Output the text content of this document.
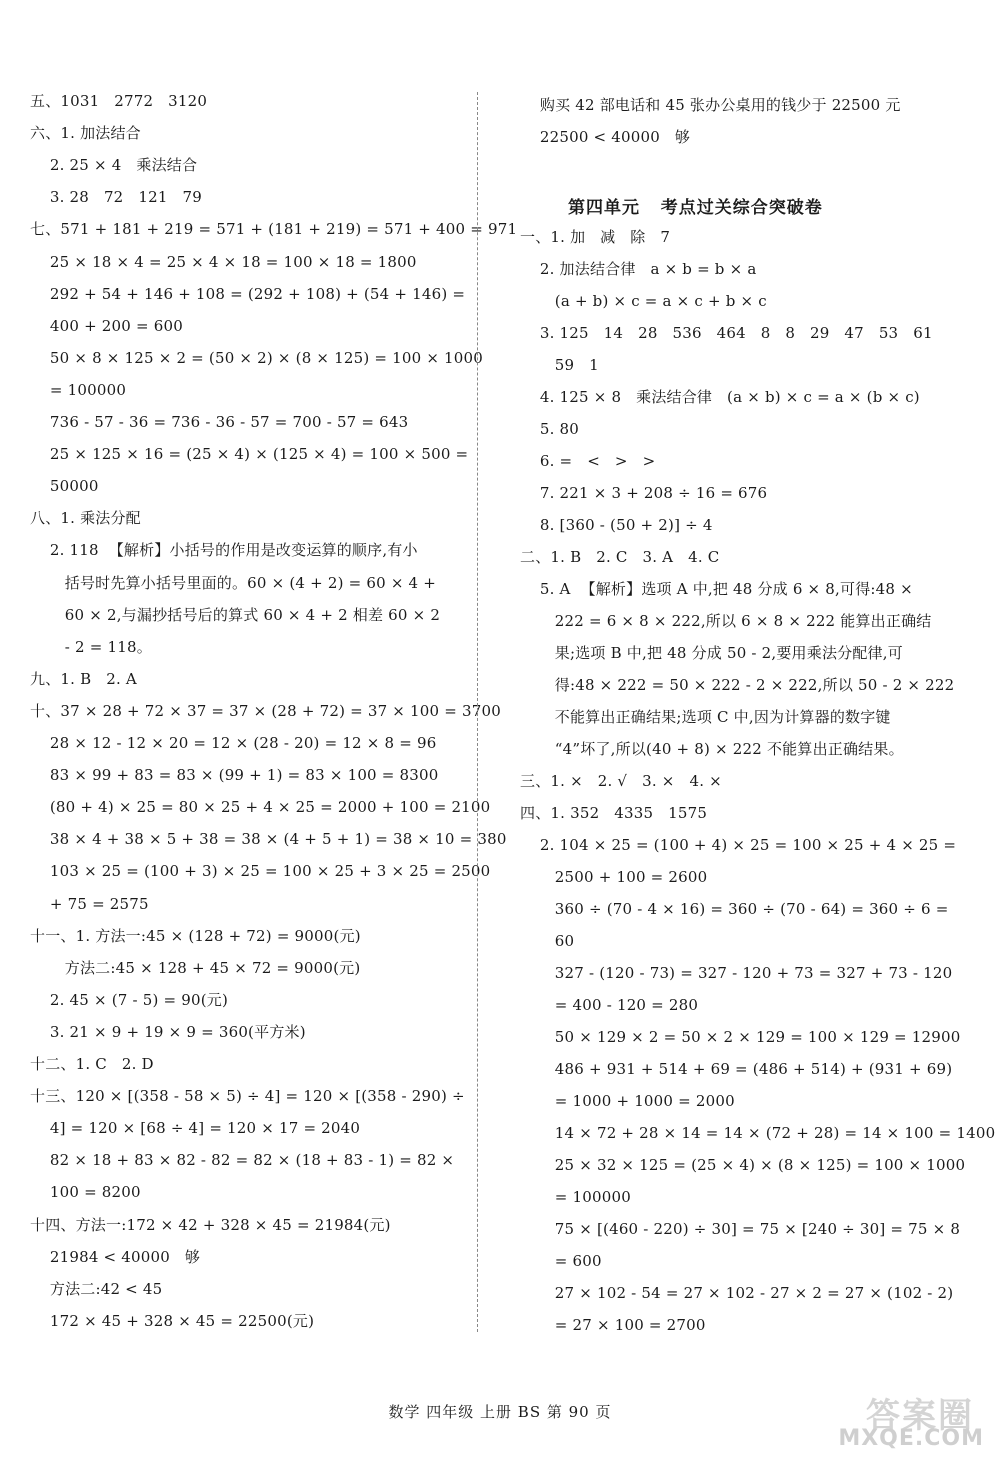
五、1031   2772   3120
六、1. 加法结合
2. 25 × 4   乘法结合
3. 28   72   121   79
七、571 + 181 + 219 = 571 + (181 + 219) = 571 + 400 = 971
25 × 18 × 4 = 25 × 4 × 18 = 100 × 18 = 1800
292 + 54 + 146 + 108 = (292 + 108) + (54 + 146) =
400 + 200 = 600
50 × 8 × 125 × 2 = (50 × 2) × (8 × 125) = 100 × 1000
= 100000
736 - 57 - 36 = 736 - 36 - 57 = 700 - 57 = 643
25 × 125 × 16 = (25 × 4) × (125 × 4) = 100 × 500 =
50000
八、1. 乘法分配
2. 118  【解析】小括号的作用是改变运算的顺序,有小
括号时先算小括号里面的。60 × (4 + 2) = 60 × 4 +
60 × 2,与漏抄括号后的算式 60 × 4 + 2 相差 60 × 2
- 2 = 118。
九、1. B   2. A
十、37 × 28 + 72 × 37 = 37 × (28 + 72) = 37 × 100 = 3700
28 × 12 - 12 × 20 = 12 × (28 - 20) = 12 × 8 = 96
83 × 99 + 83 = 83 × (99 + 1) = 83 × 100 = 8300
(80 + 4) × 25 = 80 × 25 + 4 × 25 = 2000 + 100 = 2100
38 × 4 + 38 × 5 + 38 = 38 × (4 + 5 + 1) = 38 × 10 = 380
103 × 25 = (100 + 3) × 25 = 100 × 25 + 3 × 25 = 2500
+ 75 = 2575
十一、1. 方法一:45 × (128 + 72) = 9000(元)
方法二:45 × 128 + 45 × 72 = 9000(元)
2. 45 × (7 - 5) = 90(元)
3. 21 × 9 + 19 × 9 = 360(平方米)
十二、1. C   2. D
十三、120 × [(358 - 58 × 5) ÷ 4] = 120 × [(358 - 290) ÷
4] = 120 × [68 ÷ 4] = 120 × 17 = 2040
82 × 18 + 83 × 82 - 82 = 82 × (18 + 83 - 1) = 82 ×
100 = 8200
十四、方法一:172 × 42 + 328 × 45 = 21984(元)
21984 < 40000   够
方法二:42 < 45
172 × 45 + 328 × 45 = 22500(元)
购买 42 部电话和 45 张办公桌用的钱少于 22500 元
22500 < 40000   够
第四单元   考点过关综合突破卷
一、1. 加   减   除   7
2. 加法结合律   a × b = b × a
(a + b) × c = a × c + b × c
3. 125   14   28   536   464   8   8   29   47   53   61
59   1
4. 125 × 8   乘法结合律   (a × b) × c = a × (b × c)
5. 80
6. =   <   >   >
7. 221 × 3 + 208 ÷ 16 = 676
8. [360 - (50 + 2)] ÷ 4
二、1. B   2. C   3. A   4. C
5. A  【解析】选项 A 中,把 48 分成 6 × 8,可得:48 ×
222 = 6 × 8 × 222,所以 6 × 8 × 222 能算出正确结
果;选项 B 中,把 48 分成 50 - 2,要用乘法分配律,可
得:48 × 222 = 50 × 222 - 2 × 222,所以 50 - 2 × 222
不能算出正确结果;选项 C 中,因为计算器的数字键
“4”坏了,所以(40 + 8) × 222 不能算出正确结果。
三、1. ×   2. √   3. ×   4. ×
四、1. 352   4335   1575
2. 104 × 25 = (100 + 4) × 25 = 100 × 25 + 4 × 25 =
2500 + 100 = 2600
360 ÷ (70 - 4 × 16) = 360 ÷ (70 - 64) = 360 ÷ 6 =
60
327 - (120 - 73) = 327 - 120 + 73 = 327 + 73 - 120
= 400 - 120 = 280
50 × 129 × 2 = 50 × 2 × 129 = 100 × 129 = 12900
486 + 931 + 514 + 69 = (486 + 514) + (931 + 69)
= 1000 + 1000 = 2000
14 × 72 + 28 × 14 = 14 × (72 + 28) = 14 × 100 = 1400
25 × 32 × 125 = (25 × 4) × (8 × 125) = 100 × 1000
= 100000
75 × [(460 - 220) ÷ 30] = 75 × [240 ÷ 30] = 75 × 8
= 600
27 × 102 - 54 = 27 × 102 - 27 × 2 = 27 × (102 - 2)
= 27 × 100 = 2700
数学 四年级 上册 BS 第 90 页	答案圈
MXQE.COM
